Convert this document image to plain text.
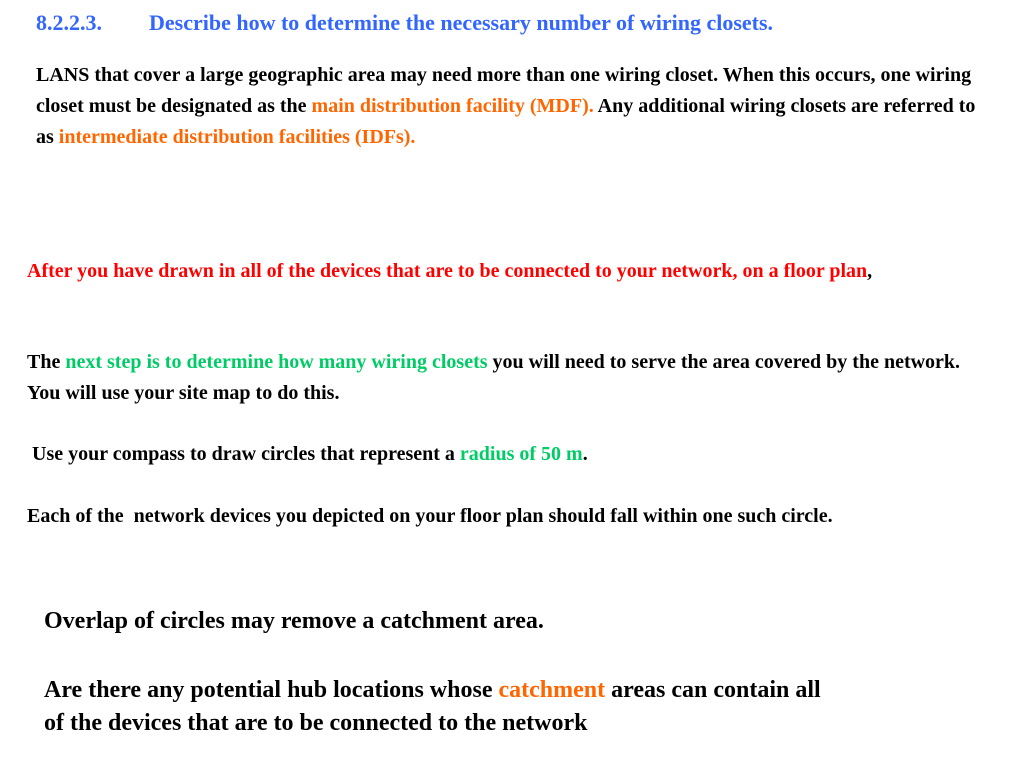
8.2.2.3. Describe how to determine the necessary number of wiring closets.

LANS that cover a large geographic area may need more than one wiring closet. When this occurs, one wiring closet must be designated as the main distribution facility (MDF). Any additional wiring closets are referred to as intermediate distribution facilities (IDFs).

After you have drawn in all of the devices that are to be connected to your network, on a floor plan,

The next step is to determine how many wiring closets you will need to serve the area covered by the network. You will use your site map to do this.

Use your compass to draw circles that represent a radius of 50 m.

Each of the  network devices you depicted on your floor plan should fall within one such circle.

Overlap of circles may remove a catchment area.

Are there any potential hub locations whose catchment areas can contain all of the devices that are to be connected to the network
